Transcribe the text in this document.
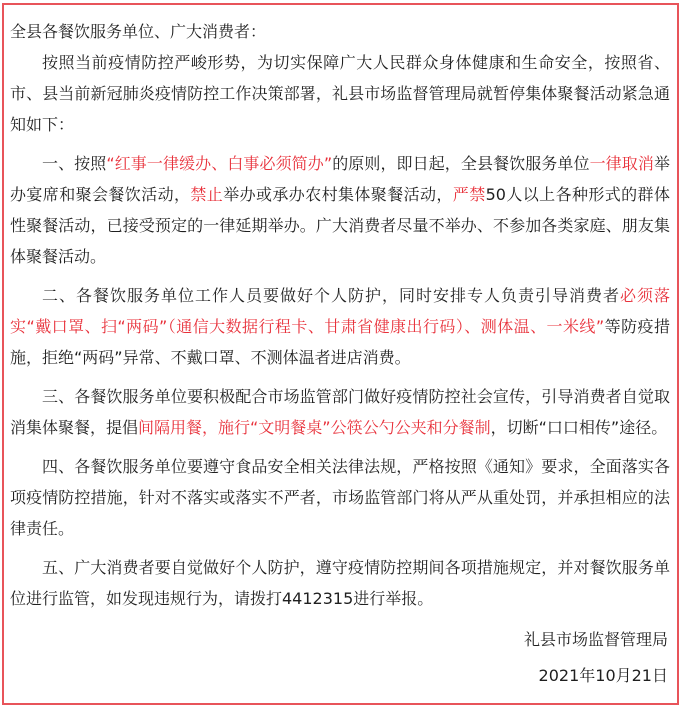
全县各餐饮服务单位、广大消费者：

按照当前疫情防控严峻形势，为切实保障广大人民群众身体健康和生命安全，按照省、市、县当前新冠肺炎疫情防控工作决策部署，礼县市场监督管理局就暂停集体聚餐活动紧急通知如下：

一、按照“红事一律缓办、白事必须简办”的原则，即日起，全县餐饮服务单位一律取消举办宴席和聚会餐饮活动，禁止举办或承办农村集体聚餐活动，严禁50人以上各种形式的群体性聚餐活动，已接受预定的一律延期举办。广大消费者尽量不举办、不参加各类家庭、朋友集体聚餐活动。

二、各餐饮服务单位工作人员要做好个人防护，同时安排专人负责引导消费者必须落实“戴口罩、扫“两码”（通信大数据行程卡、甘肃省健康出行码）、测体温、一米线”等防疫措施，拒绝“两码”异常、不戴口罩、不测体温者进店消费。

三、各餐饮服务单位要积极配合市场监管部门做好疫情防控社会宣传，引导消费者自觉取消集体聚餐，提倡间隔用餐，施行“文明餐桌”公筷公勺公夹和分餐制，切断“口口相传”途径。

四、各餐饮服务单位要遵守食品安全相关法律法规，严格按照《通知》要求，全面落实各项疫情防控措施，针对不落实或落实不严者，市场监管部门将从严从重处罚，并承担相应的法律责任。

五、广大消费者要自觉做好个人防护，遵守疫情防控期间各项措施规定，并对餐饮服务单位进行监管，如发现违规行为，请拨打4412315进行举报。

礼县市场监督管理局
2021年10月21日
